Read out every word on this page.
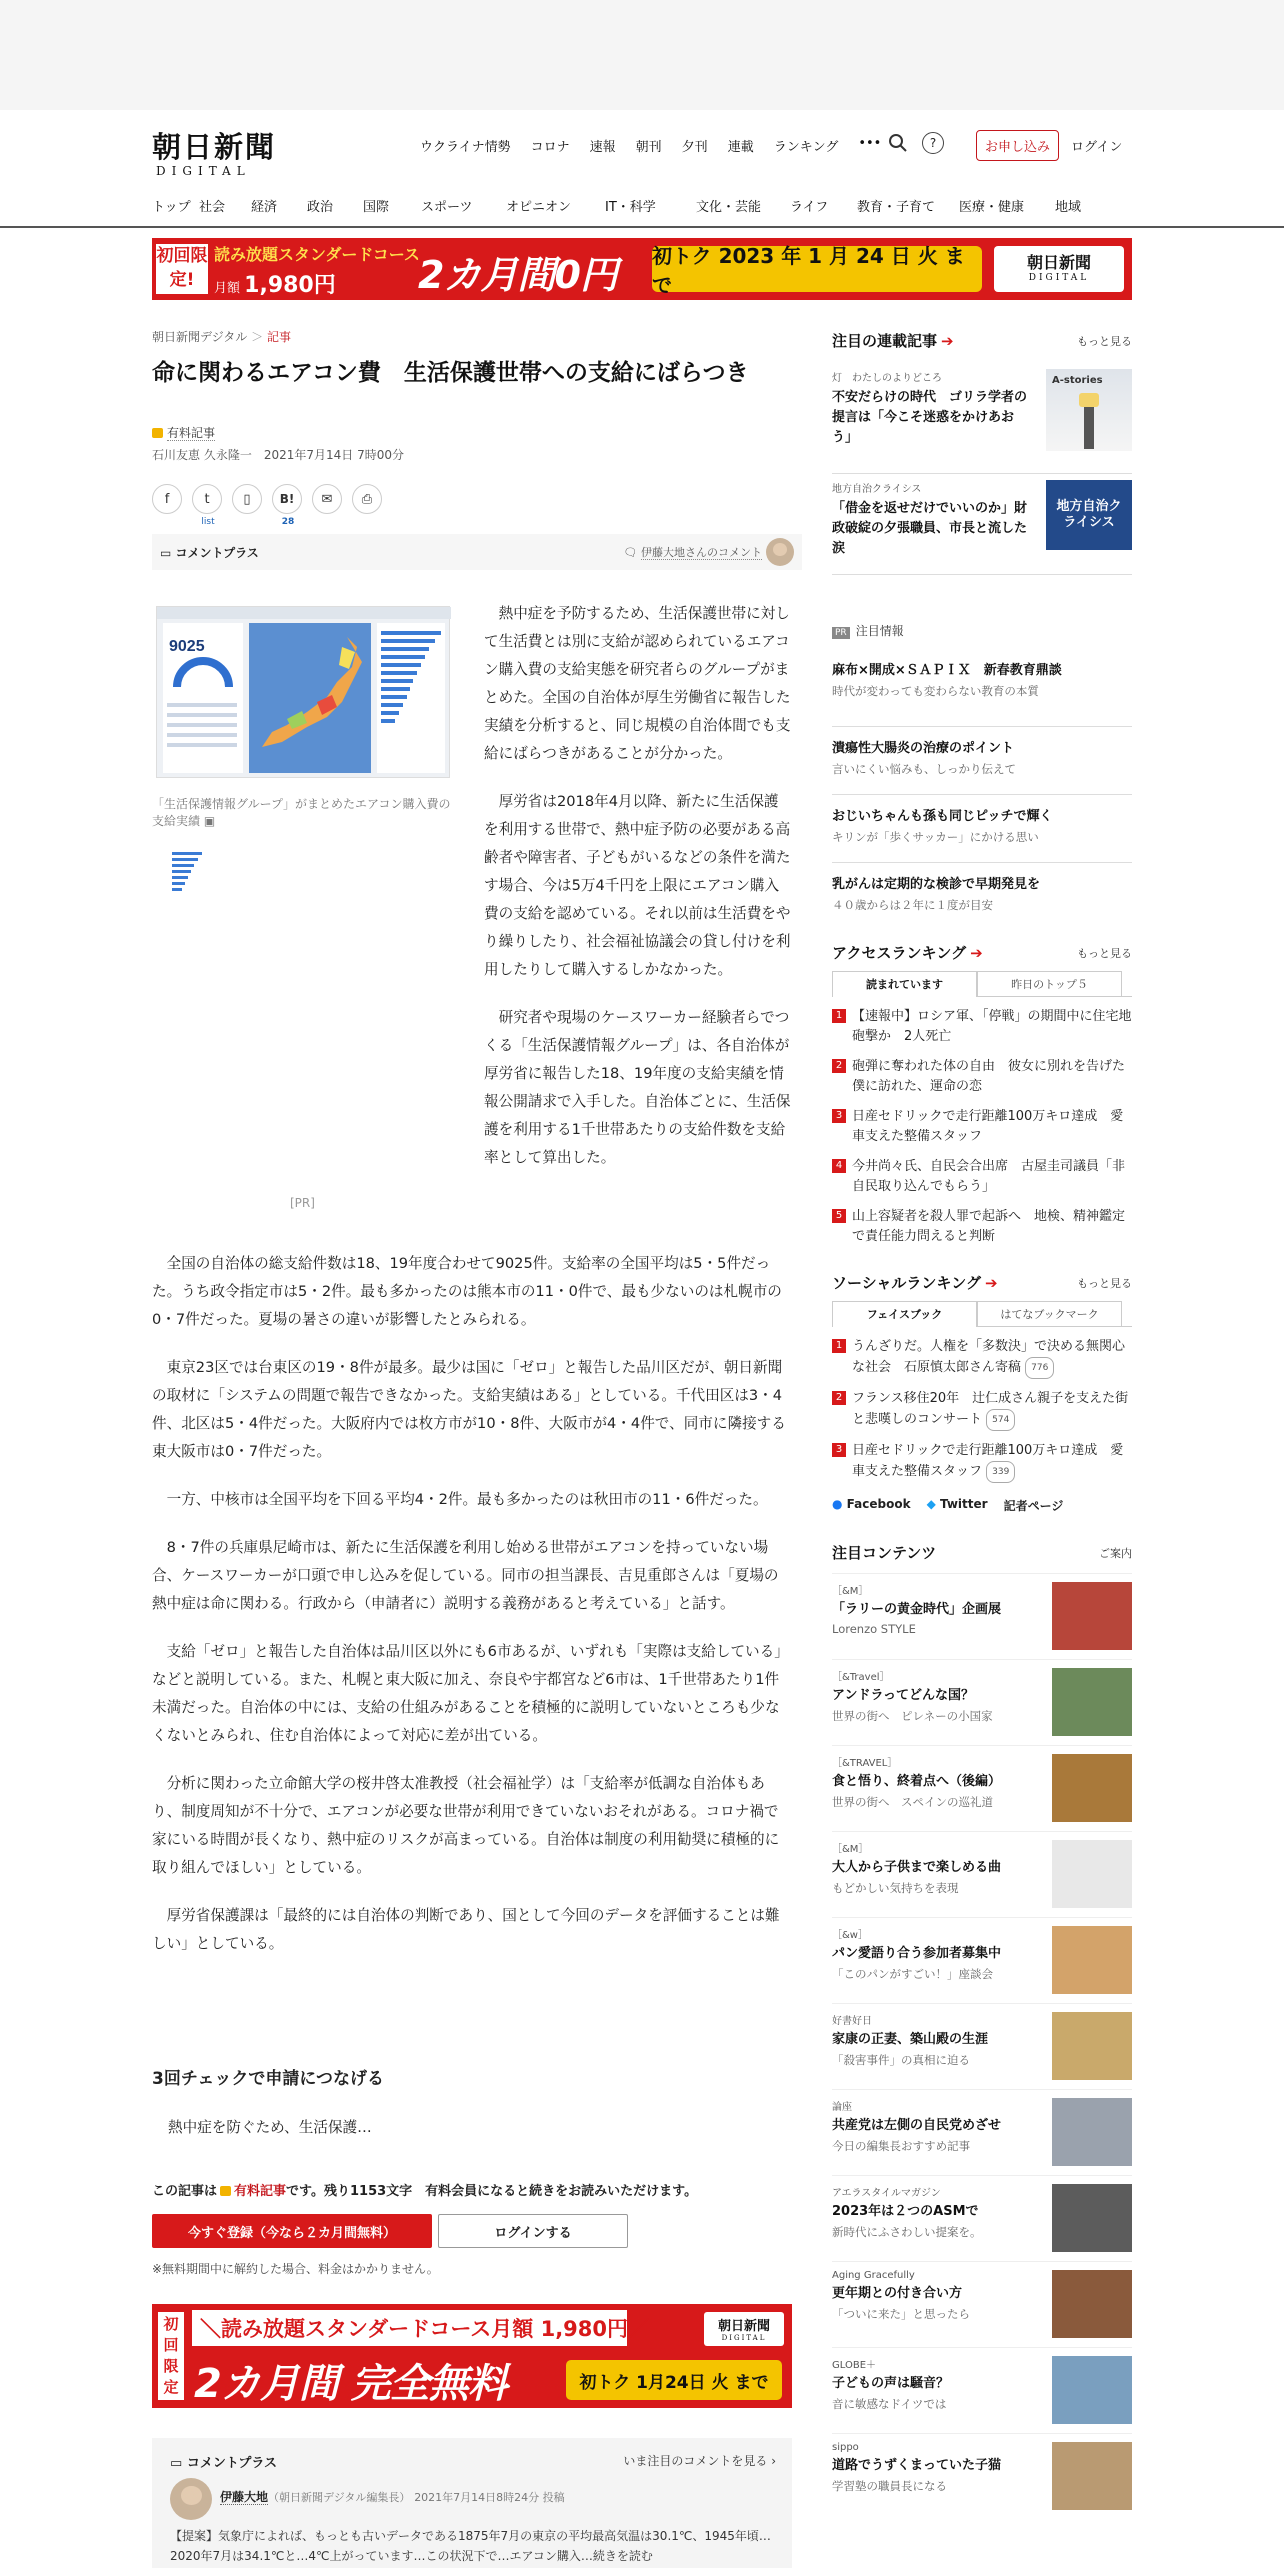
朝日新聞
DIGITAL
ウクライナ情勢 コロナ 速報 朝刊 夕刊 連載 ランキング •••	?	お申し込み	ログイン
トップ 社会	経済	政治	国際	スポーツ	オピニオン	IT・科学	文化・芸能	ライフ	教育・子育て	医療・健康	地域
初回限定!
読み放題スタンダードコース
月額 1,980円	2カ月間0円 初トク 2023 年 1 月 24 日 火 まで
朝日新聞
DIGITAL
朝日新聞デジタル ＞ 記事
命に関わるエアコン費　生活保護世帯への支給にばらつき
有料記事
石川友恵 久永隆一　2021年7月14日 7時00分
f	t
list
▯	B!
28
✉	⎙
▭ コメントプラス	🗨 伊藤大地さんのコメント
9025
「生活保護情報グループ」がまとめたエアコン購入費の支給実績 ▣
[PR]

熱中症を予防するため、生活保護世帯に対して生活費とは別に支給が認められているエアコン購入費の支給実態を研究者らのグループがまとめた。全国の自治体が厚生労働省に報告した実績を分析すると、同じ規模の自治体間でも支給にばらつきがあることが分かった。

厚労省は2018年4月以降、新たに生活保護を利用する世帯で、熱中症予防の必要がある高齢者や障害者、子どもがいるなどの条件を満たす場合、今は5万4千円を上限にエアコン購入費の支給を認めている。それ以前は生活費をやり繰りしたり、社会福祉協議会の貸し付けを利用したりして購入するしかなかった。

研究者や現場のケースワーカー経験者らでつくる「生活保護情報グループ」は、各自治体が厚労省に報告した18、19年度の支給実績を情報公開請求で入手した。自治体ごとに、生活保護を利用する1千世帯あたりの支給件数を支給率として算出した。

全国の自治体の総支給件数は18、19年度合わせて9025件。支給率の全国平均は5・5件だった。うち政令指定市は5・2件。最も多かったのは熊本市の11・0件で、最も少ないのは札幌市の0・7件だった。夏場の暑さの違いが影響したとみられる。

東京23区では台東区の19・8件が最多。最少は国に「ゼロ」と報告した品川区だが、朝日新聞の取材に「システムの問題で報告できなかった。支給実績はある」としている。千代田区は3・4件、北区は5・4件だった。大阪府内では枚方市が10・8件、大阪市が4・4件で、同市に隣接する東大阪市は0・7件だった。

一方、中核市は全国平均を下回る平均4・2件。最も多かったのは秋田市の11・6件だった。

8・7件の兵庫県尼崎市は、新たに生活保護を利用し始める世帯がエアコンを持っていない場合、ケースワーカーが口頭で申し込みを促している。同市の担当課長、吉見重郎さんは「夏場の熱中症は命に関わる。行政から（申請者に）説明する義務があると考えている」と話す。

支給「ゼロ」と報告した自治体は品川区以外にも6市あるが、いずれも「実際は支給している」などと説明している。また、札幌と東大阪に加え、奈良や宇都宮など6市は、1千世帯あたり1件未満だった。自治体の中には、支給の仕組みがあることを積極的に説明していないところも少なくないとみられ、住む自治体によって対応に差が出ている。

分析に関わった立命館大学の桜井啓太准教授（社会福祉学）は「支給率が低調な自治体もあり、制度周知が不十分で、エアコンが必要な世帯が利用できていないおそれがある。コロナ禍で家にいる時間が長くなり、熱中症のリスクが高まっている。自治体は制度の利用勧奨に積極的に取り組んでほしい」としている。

厚労省保護課は「最終的には自治体の判断であり、国として今回のデータを評価することは難しい」としている。

3回チェックで申請につなげる
熱中症を防ぐため、生活保護…
この記事は 有料記事です。残り1153文字　有料会員になると続きをお読みいただけます。
今すぐ登録（今なら２カ月間無料）	ログインする
※無料期間中に解約した場合、料金はかかりません。
初回限定
＼読み放題スタンダードコース月額 1,980円／	朝日新聞
DIGITAL
2カ月間 完全無料	初トク 1月24日 火 まで
▭ コメントプラス	いま注目のコメントを見る ›
伊藤大地（朝日新聞デジタル編集長） 2021年7月14日8時24分 投稿
【提案】気象庁によれば、もっとも古いデータである1875年7月の東京の平均最高気温は30.1℃、1945年頃…2020年7月は34.1℃と…4℃上がっています…この状況下で…エアコン購入…続きを読む
注目の連載記事 ➔	もっと見る
灯　わたしのよりどころ
不安だらけの時代　ゴリラ学者の提言は「今こそ迷惑をかけあおう」
A-stories
地方自治クライシス
「借金を返せだけでいいのか」財政破綻の夕張職員、市長と流した涙
地方自治クライシス
PR 注目情報
麻布×開成×ＳＡＰＩＸ　新春教育鼎談
時代が変わっても変わらない教育の本質
潰瘍性大腸炎の治療のポイント
言いにくい悩みも、しっかり伝えて
おじいちゃんも孫も同じピッチで輝く
キリンが「歩くサッカー」にかける思い
乳がんは定期的な検診で早期発見を
４０歳からは２年に１度が目安
アクセスランキング ➔	もっと見る
読まれています	昨日のトップ５
1 【速報中】ロシア軍、「停戦」の期間中に住宅地砲撃か　2人死亡
2 砲弾に奪われた体の自由　彼女に別れを告げた僕に訪れた、運命の恋
3 日産セドリックで走行距離100万キロ達成　愛車支えた整備スタッフ
4 今井尚々氏、自民会合出席　古屋圭司議員「非自民取り込んでもらう」
5 山上容疑者を殺人罪で起訴へ　地検、精神鑑定で責任能力問えると判断
ソーシャルランキング ➔	もっと見る
フェイスブック	はてなブックマーク
1 うんざりだ。人権を「多数決」で決める無関心な社会　石原慎太郎さん寄稿 776
2 フランス移住20年　辻仁成さん親子を支えた街と悲嘆しのコンサート 574
3 日産セドリックで走行距離100万キロ達成　愛車支えた整備スタッフ 339
● Facebook ◆ Twitter 記者ページ
注目コンテンツ	ご案内
［&M］
「ラリーの黄金時代」企画展
Lorenzo STYLE
［&Travel］
アンドラってどんな国？
世界の街へ　ピレネーの小国家
［&TRAVEL］
食と悟り、終着点へ（後編）
世界の街へ　スペインの巡礼道
［&M］
大人から子供まで楽しめる曲
もどかしい気持ちを表現
［&w］
パン愛語り合う参加者募集中
「このパンがすごい！」座談会
好書好日
家康の正妻、築山殿の生涯
「殺害事件」の真相に迫る
論座
共産党は左側の自民党めざせ
今日の編集長おすすめ記事
アエラスタイルマガジン
2023年は２つのASMで
新時代にふさわしい提案を。
Aging Gracefully
更年期との付き合い方
「ついに来た」と思ったら
GLOBE＋
子どもの声は騒音？
音に敏感なドイツでは
sippo
道路でうずくまっていた子猫
学習塾の職員長になる
